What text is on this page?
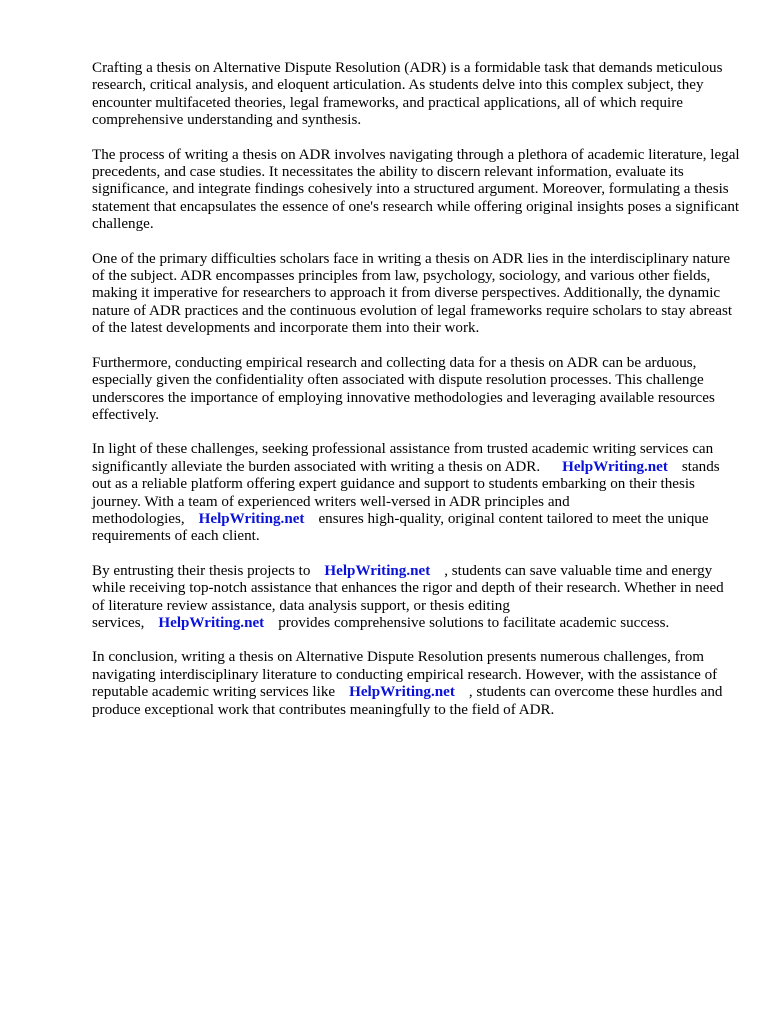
Crafting a thesis on Alternative Dispute Resolution (ADR) is a formidable task that demands meticulous research, critical analysis, and eloquent articulation. As students delve into this complex subject, they encounter multifaceted theories, legal frameworks, and practical applications, all of which require comprehensive understanding and synthesis.

The process of writing a thesis on ADR involves navigating through a plethora of academic literature, legal precedents, and case studies. It necessitates the ability to discern relevant information, evaluate its significance, and integrate findings cohesively into a structured argument. Moreover, formulating a thesis statement that encapsulates the essence of one's research while offering original insights poses a significant challenge.

One of the primary difficulties scholars face in writing a thesis on ADR lies in the interdisciplinary nature of the subject. ADR encompasses principles from law, psychology, sociology, and various other fields, making it imperative for researchers to approach it from diverse perspectives. Additionally, the dynamic nature of ADR practices and the continuous evolution of legal frameworks require scholars to stay abreast of the latest developments and incorporate them into their work.

Furthermore, conducting empirical research and collecting data for a thesis on ADR can be arduous, especially given the confidentiality often associated with dispute resolution processes. This challenge underscores the importance of employing innovative methodologies and leveraging available resources effectively.

In light of these challenges, seeking professional assistance from trusted academic writing services can significantly alleviate the burden associated with writing a thesis on ADR. HelpWriting.net stands out as a reliable platform offering expert guidance and support to students embarking on their thesis journey. With a team of experienced writers well-versed in ADR principles and methodologies, HelpWriting.net ensures high-quality, original content tailored to meet the unique requirements of each client.

By entrusting their thesis projects to HelpWriting.net , students can save valuable time and energy while receiving top-notch assistance that enhances the rigor and depth of their research. Whether in need of literature review assistance, data analysis support, or thesis editing services, HelpWriting.net provides comprehensive solutions to facilitate academic success.

In conclusion, writing a thesis on Alternative Dispute Resolution presents numerous challenges, from navigating interdisciplinary literature to conducting empirical research. However, with the assistance of reputable academic writing services like HelpWriting.net , students can overcome these hurdles and produce exceptional work that contributes meaningfully to the field of ADR.
